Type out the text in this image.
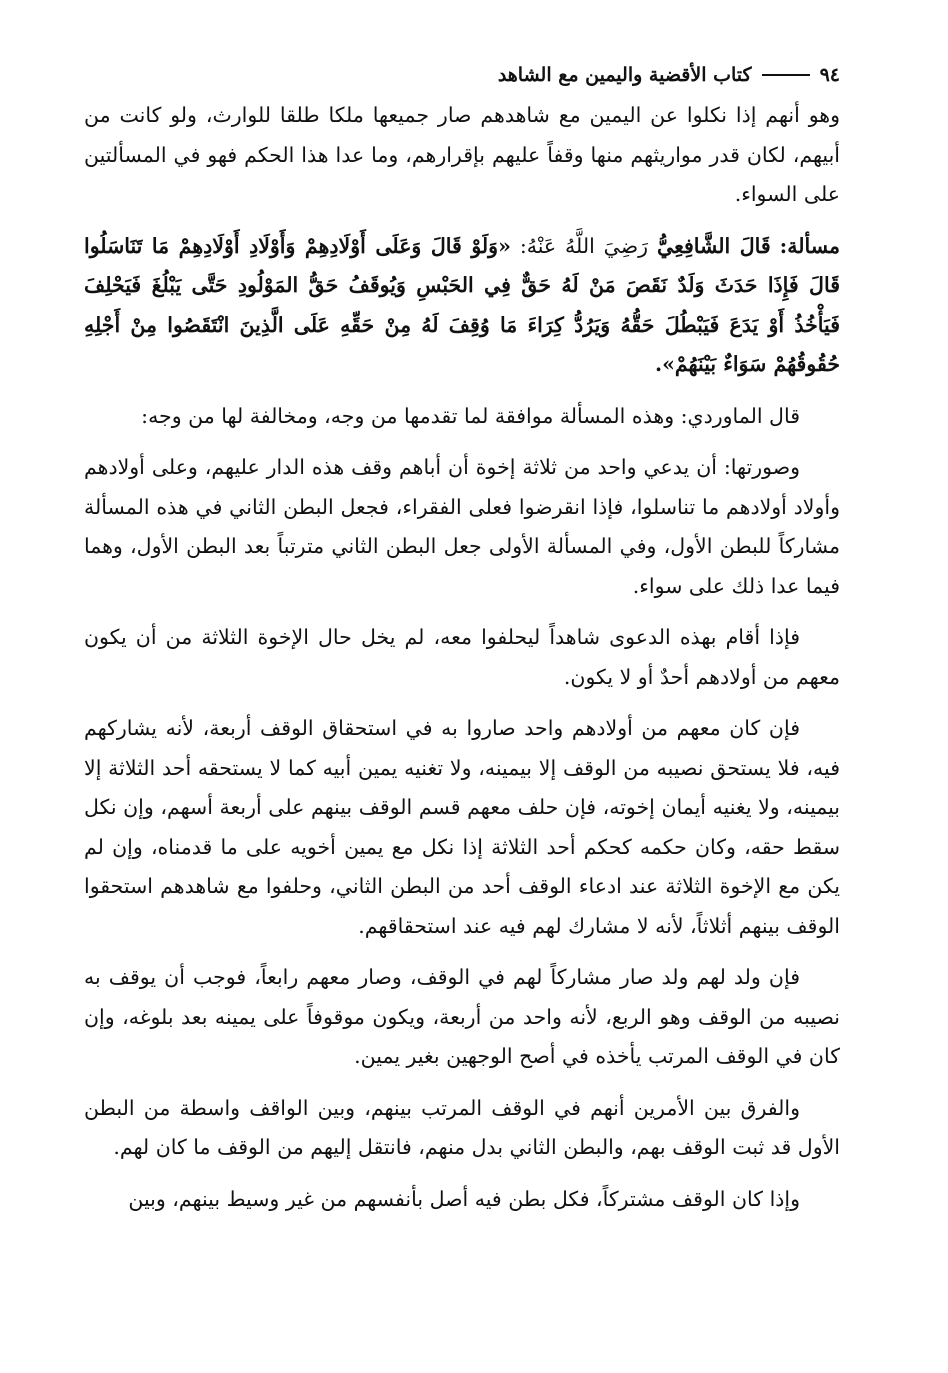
٩٤
كتاب الأقضية واليمين مع الشاهد

وهو أنهم إذا نكلوا عن اليمين مع شاهدهم صار جميعها ملكا طلقا للوارث، ولو كانت من أبيهم، لكان قدر مواريثهم منها وقفاً عليهم بإقرارهم، وما عدا هذا الحكم فهو في المسألتين على السواء.

مسألة: قَالَ الشَّافِعِيُّ رَضِيَ اللَّهُ عَنْهُ: «وَلَوْ قَالَ وَعَلَى أَوْلَادِهِمْ وَأَوْلَادِ أَوْلَادِهِمْ مَا تَنَاسَلُوا قَالَ فَإِذَا حَدَثَ وَلَدٌ نَقَصَ مَنْ لَهُ حَقٌّ فِي الحَبْسِ وَيُوقَفُ حَقُّ المَوْلُودِ حَتَّى يَبْلُغَ فَيَحْلِفَ فَيَأْخُذُ أَوْ يَدَعَ فَيَبْطُلَ حَقُّهُ وَيَرُدُّ كِرَاءَ مَا وُقِفَ لَهُ مِنْ حَقِّهِ عَلَى الَّذِينَ انْتَقَصُوا مِنْ أَجْلِهِ حُقُوقُهُمْ سَوَاءٌ بَيْنَهُمْ».

قال الماوردي: وهذه المسألة موافقة لما تقدمها من وجه، ومخالفة لها من وجه:

وصورتها: أن يدعي واحد من ثلاثة إخوة أن أباهم وقف هذه الدار عليهم، وعلى أولادهم وأولاد أولادهم ما تناسلوا، فإذا انقرضوا فعلى الفقراء، فجعل البطن الثاني في هذه المسألة مشاركاً للبطن الأول، وفي المسألة الأولى جعل البطن الثاني مترتباً بعد البطن الأول، وهما فيما عدا ذلك على سواء.

فإذا أقام بهذه الدعوى شاهداً ليحلفوا معه، لم يخل حال الإخوة الثلاثة من أن يكون معهم من أولادهم أحدٌ أو لا يكون.

فإن كان معهم من أولادهم واحد صاروا به في استحقاق الوقف أربعة، لأنه يشاركهم فيه، فلا يستحق نصيبه من الوقف إلا بيمينه، ولا تغنيه يمين أبيه كما لا يستحقه أحد الثلاثة إلا بيمينه، ولا يغنيه أيمان إخوته، فإن حلف معهم قسم الوقف بينهم على أربعة أسهم، وإن نكل سقط حقه، وكان حكمه كحكم أحد الثلاثة إذا نكل مع يمين أخويه على ما قدمناه، وإن لم يكن مع الإخوة الثلاثة عند ادعاء الوقف أحد من البطن الثاني، وحلفوا مع شاهدهم استحقوا الوقف بينهم أثلاثاً، لأنه لا مشارك لهم فيه عند استحقاقهم.

فإن ولد لهم ولد صار مشاركاً لهم في الوقف، وصار معهم رابعاً، فوجب أن يوقف به نصيبه من الوقف وهو الربع، لأنه واحد من أربعة، ويكون موقوفاً على يمينه بعد بلوغه، وإن كان في الوقف المرتب يأخذه في أصح الوجهين بغير يمين.

والفرق بين الأمرين أنهم في الوقف المرتب بينهم، وبين الواقف واسطة من البطن الأول قد ثبت الوقف بهم، والبطن الثاني بدل منهم، فانتقل إليهم من الوقف ما كان لهم.

وإذا كان الوقف مشتركاً، فكل بطن فيه أصل بأنفسهم من غير وسيط بينهم، وبين
